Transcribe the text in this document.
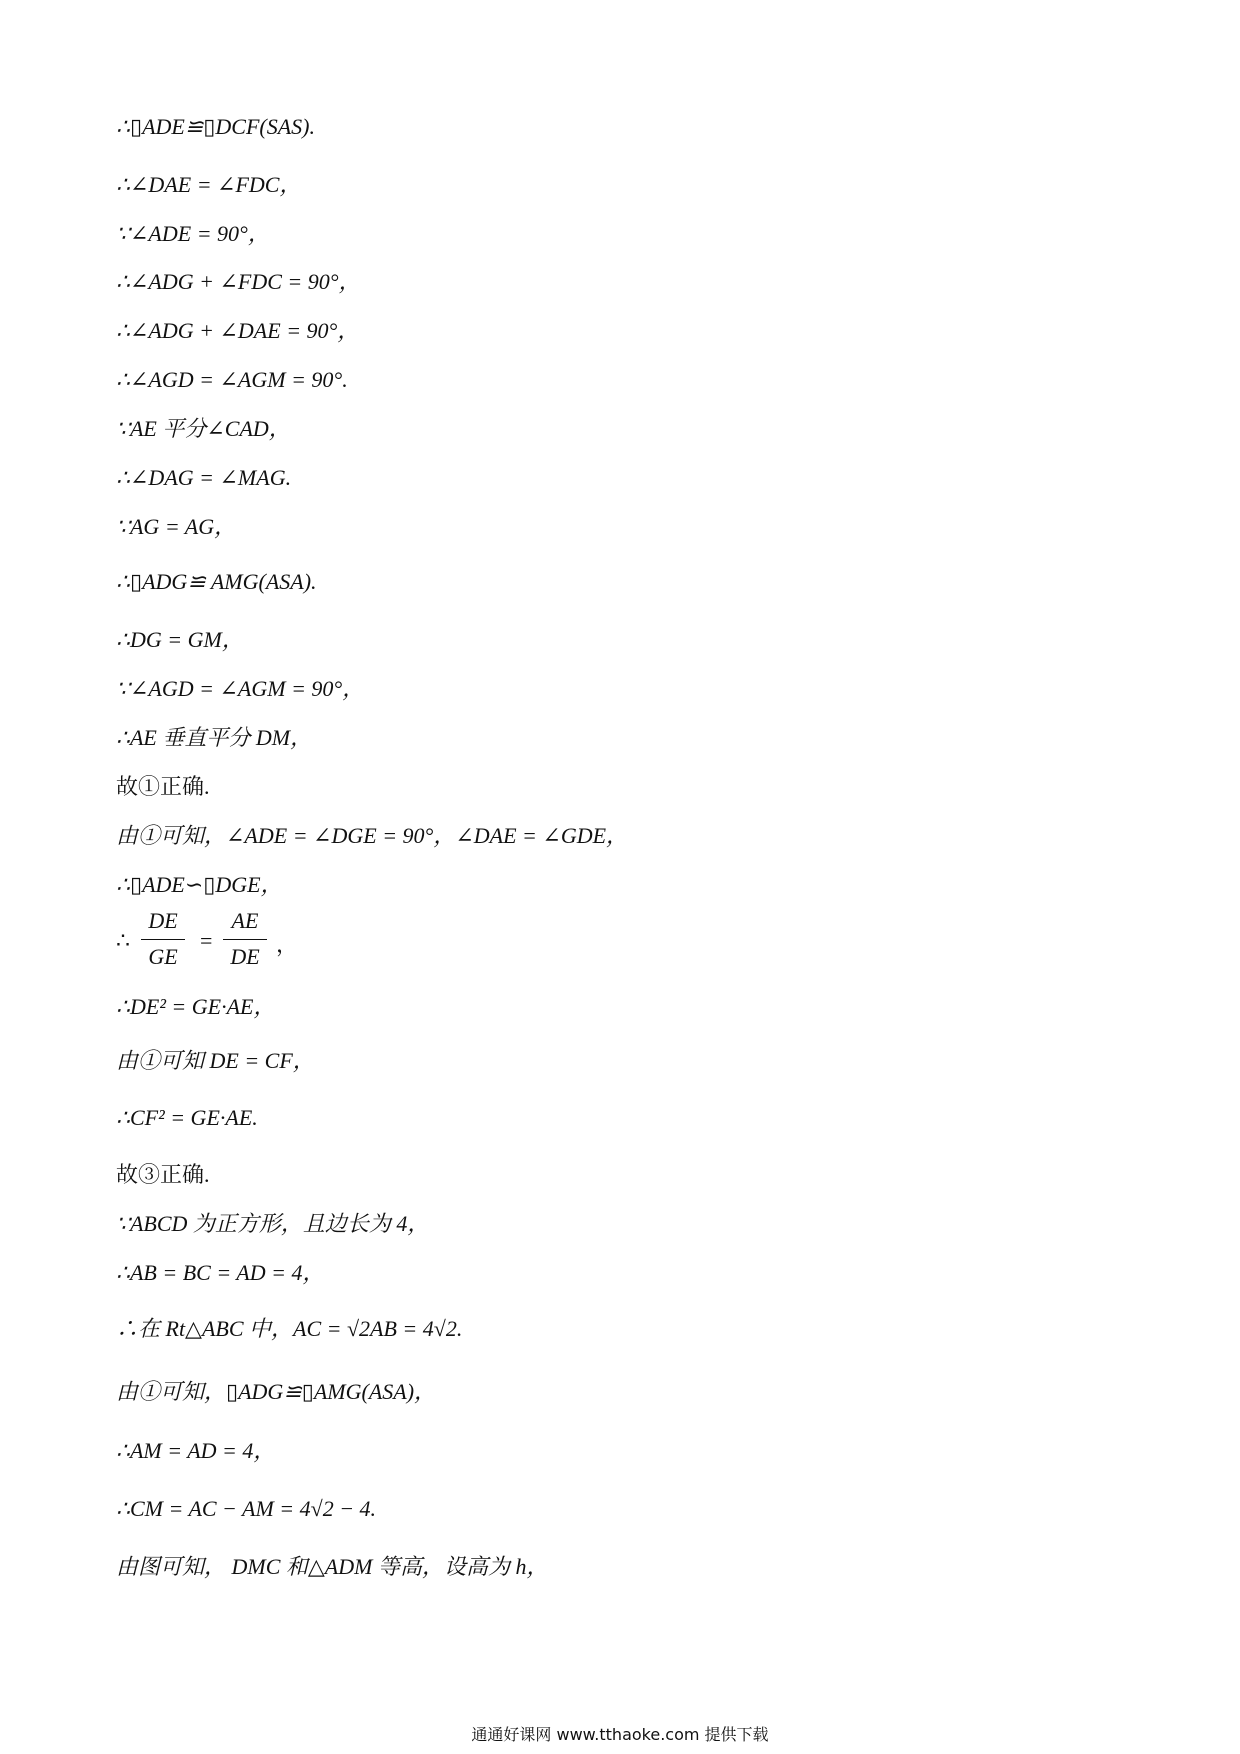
∴▯ADE≌▯DCF(SAS).
∴∠DAE = ∠FDC，
∵∠ADE = 90°，
∴∠ADG + ∠FDC = 90°，
∴∠ADG + ∠DAE = 90°，
∴∠AGD = ∠AGM = 90°.
∵AE 平分∠CAD，
∴∠DAG = ∠MAG.
∵AG = AG，
∴▯ADG≌ AMG(ASA).
∴DG = GM，
∵∠AGD = ∠AGM = 90°，
∴AE 垂直平分 DM，
故①正确.
由①可知，∠ADE = ∠DGE = 90°，∠DAE = ∠GDE，
∴▯ADE∽▯DGE，
∴
DE
GE
=
AE
DE ，
∴DE² = GE·AE，
由①可知 DE = CF，
∴CF² = GE·AE.
故③正确.
∵ABCD 为正方形，且边长为 4，
∴AB = BC = AD = 4，
∴在 Rt△ABC 中，AC = √2AB = 4√2.
由①可知，▯ADG≌▯AMG(ASA)，
∴AM = AD = 4，
∴CM = AC − AM = 4√2 − 4.
由图可知， DMC 和△ADM 等高，设高为 h，
通通好课网 www.tthaoke.com 提供下载
